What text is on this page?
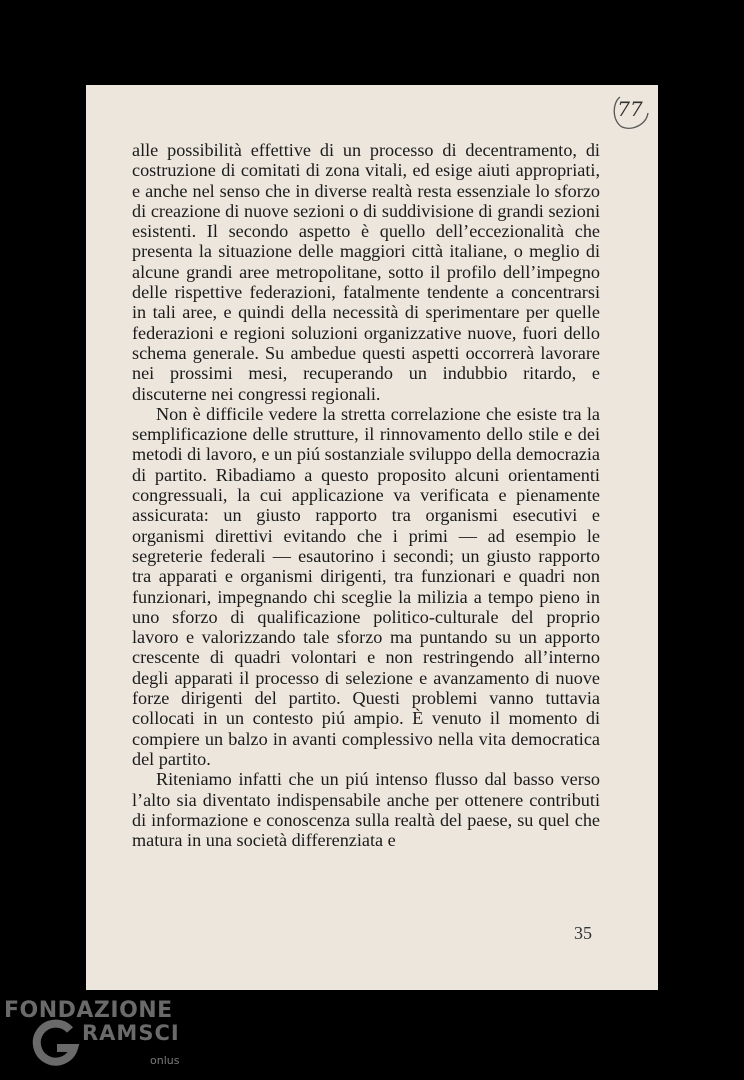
77

alle possibilità effettive di un processo di decentramento, di costruzione di comitati di zona vitali, ed esige aiuti appropriati, e anche nel senso che in diverse realtà resta essenziale lo sforzo di creazione di nuove sezioni o di suddivisione di grandi sezioni esistenti. Il secondo aspetto è quello dell’eccezionalità che presenta la situazione delle maggiori città italiane, o meglio di alcune grandi aree metropolitane, sotto il profilo dell’impegno delle rispettive federazioni, fatalmente tendente a concentrarsi in tali aree, e quindi della necessità di sperimentare per quelle federazioni e regioni soluzioni organizzative nuove, fuori dello schema generale. Su ambedue questi aspetti occorrerà lavorare nei prossimi mesi, recuperando un indubbio ritardo, e discuterne nei congressi regionali.

Non è difficile vedere la stretta correlazione che esiste tra la semplificazione delle strutture, il rinnovamento dello stile e dei metodi di lavoro, e un piú sostanziale sviluppo della democrazia di partito. Ribadiamo a questo proposito alcuni orientamenti congressuali, la cui applicazione va verificata e pienamente assicurata: un giusto rapporto tra organismi esecutivi e organismi direttivi evitando che i primi — ad esempio le segreterie federali — esautorino i secondi; un giusto rapporto tra apparati e organismi dirigenti, tra funzionari e quadri non funzionari, impegnando chi sceglie la milizia a tempo pieno in uno sforzo di qualificazione politico-culturale del proprio lavoro e valorizzando tale sforzo ma puntando su un apporto crescente di quadri volontari e non restringendo all’interno degli apparati il processo di selezione e avanzamento di nuove forze dirigenti del partito. Questi problemi vanno tuttavia collocati in un contesto piú ampio. È venuto il momento di compiere un balzo in avanti complessivo nella vita democratica del partito.

Riteniamo infatti che un piú intenso flusso dal basso verso l’alto sia diventato indispensabile anche per ottenere contributi di informazione e conoscenza sulla realtà del paese, su quel che matura in una società differenziata e

35
FONDAZIONE
RAMSCI
onlus
